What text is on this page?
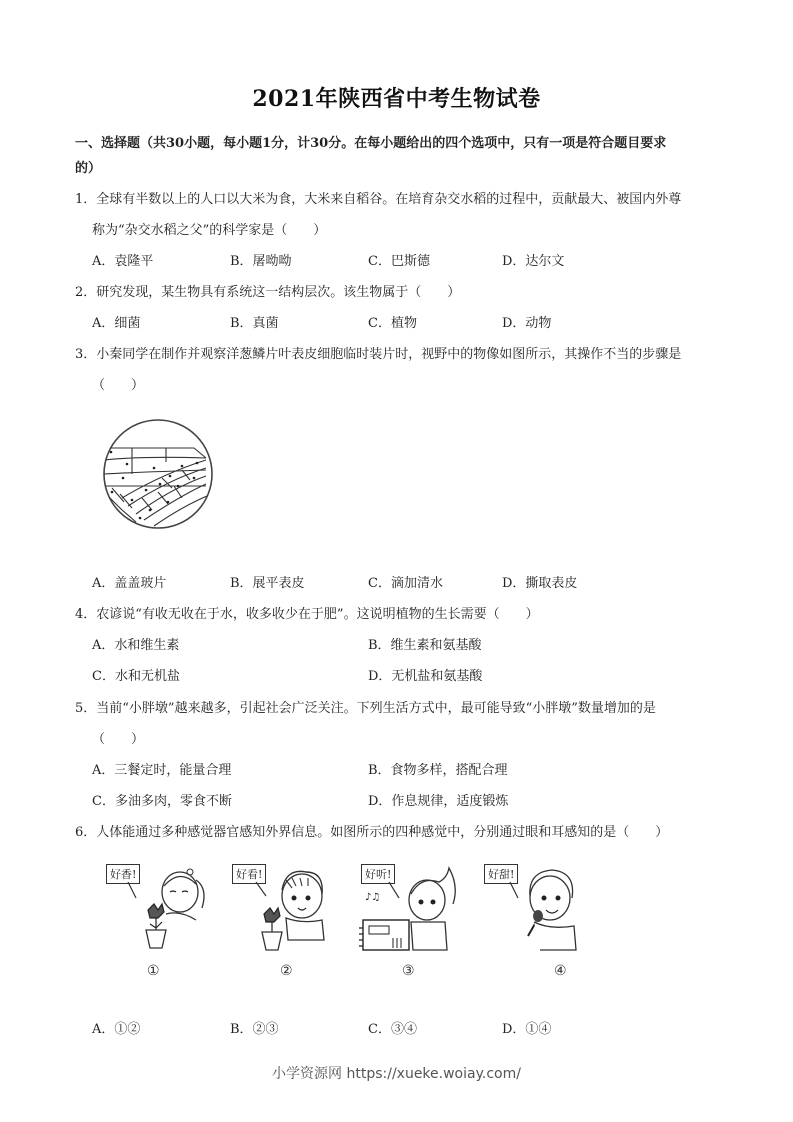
2021年陕西省中考生物试卷
一、选择题（共30小题，每小题1分，计30分。在每小题给出的四个选项中，只有一项是符合题目要求
的）
1．全球有半数以上的人口以大米为食，大米来自稻谷。在培育杂交水稻的过程中，贡献最大、被国内外尊
称为“杂交水稻之父”的科学家是（　　）
A．袁隆平	B．屠呦呦	C．巴斯德	D．达尔文
2．研究发现，某生物具有系统这一结构层次。该生物属于（　　）
A．细菌	B．真菌	C．植物	D．动物
3．小秦同学在制作并观察洋葱鳞片叶表皮细胞临时装片时，视野中的物像如图所示，其操作不当的步骤是
（　　）
A．盖盖玻片	B．展平表皮	C．滴加清水	D．撕取表皮
4．农谚说“有收无收在于水，收多收少在于肥”。这说明植物的生长需要（　　）
A．水和维生素	B．维生素和氨基酸
C．水和无机盐	D．无机盐和氨基酸
5．当前“小胖墩”越来越多，引起社会广泛关注。下列生活方式中，最可能导致“小胖墩”数量增加的是
（　　）
A．三餐定时，能量合理	B．食物多样，搭配合理
C．多油多肉，零食不断	D．作息规律，适度锻炼
6．人体能通过多种感觉器官感知外界信息。如图所示的四种感觉中，分别通过眼和耳感知的是（　　）
好香!
①
好看!
②
好听!
♪♫
③
好甜!
④
A．①②	B．②③	C．③④	D．①④
小学资源网 https://xueke.woiay.com/
